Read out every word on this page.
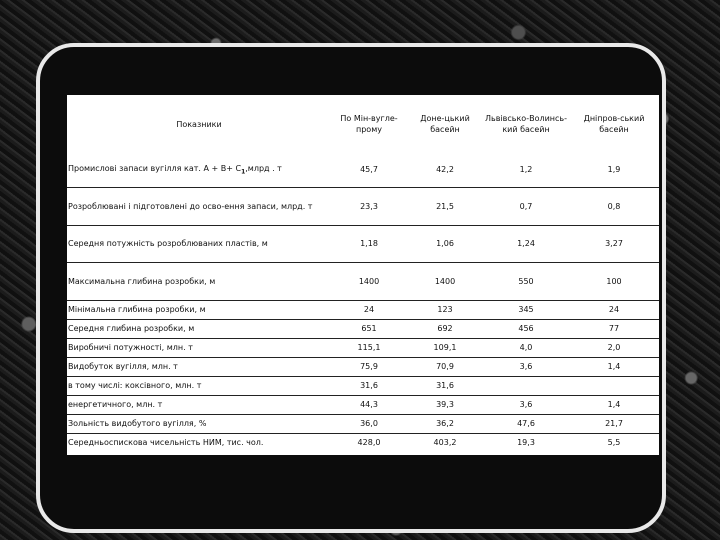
Показники	По Мін-вугле-прому	Доне-цький басейн	Львівсько-Волинсь-кий басейн	Дніпров-ський басейн
Промислові запаси вугілля кат. $А + В+ С_1,млрд$ . т	45,7	42,2	1,2	1,9
Розроблювані і підготовлені до осво-ення запаси, млрд. т	23,3	21,5	0,7	0,8
Середня потужність розроблюваних пластів, м	1,18	1,06	1,24	3,27
Максимальна глибина розробки, м	1400	1400	550	100
Мінімальна глибина розробки, м	24	123	345	24
Середня глибина розробки, м	651	692	456	77
Виробничі потужності, млн. т	115,1	109,1	4,0	2,0
Видобуток вугілля, млн. т	75,9	70,9	3,6	1,4
в тому числі: коксівного, млн. т	31,6	31,6		
енергетичного, млн. т	44,3	39,3	3,6	1,4
Зольність видобутого вугілля, %	36,0	36,2	47,6	21,7
Середньоспискова чисельність НИМ, тис. чол.	428,0	403,2	19,3	5,5
